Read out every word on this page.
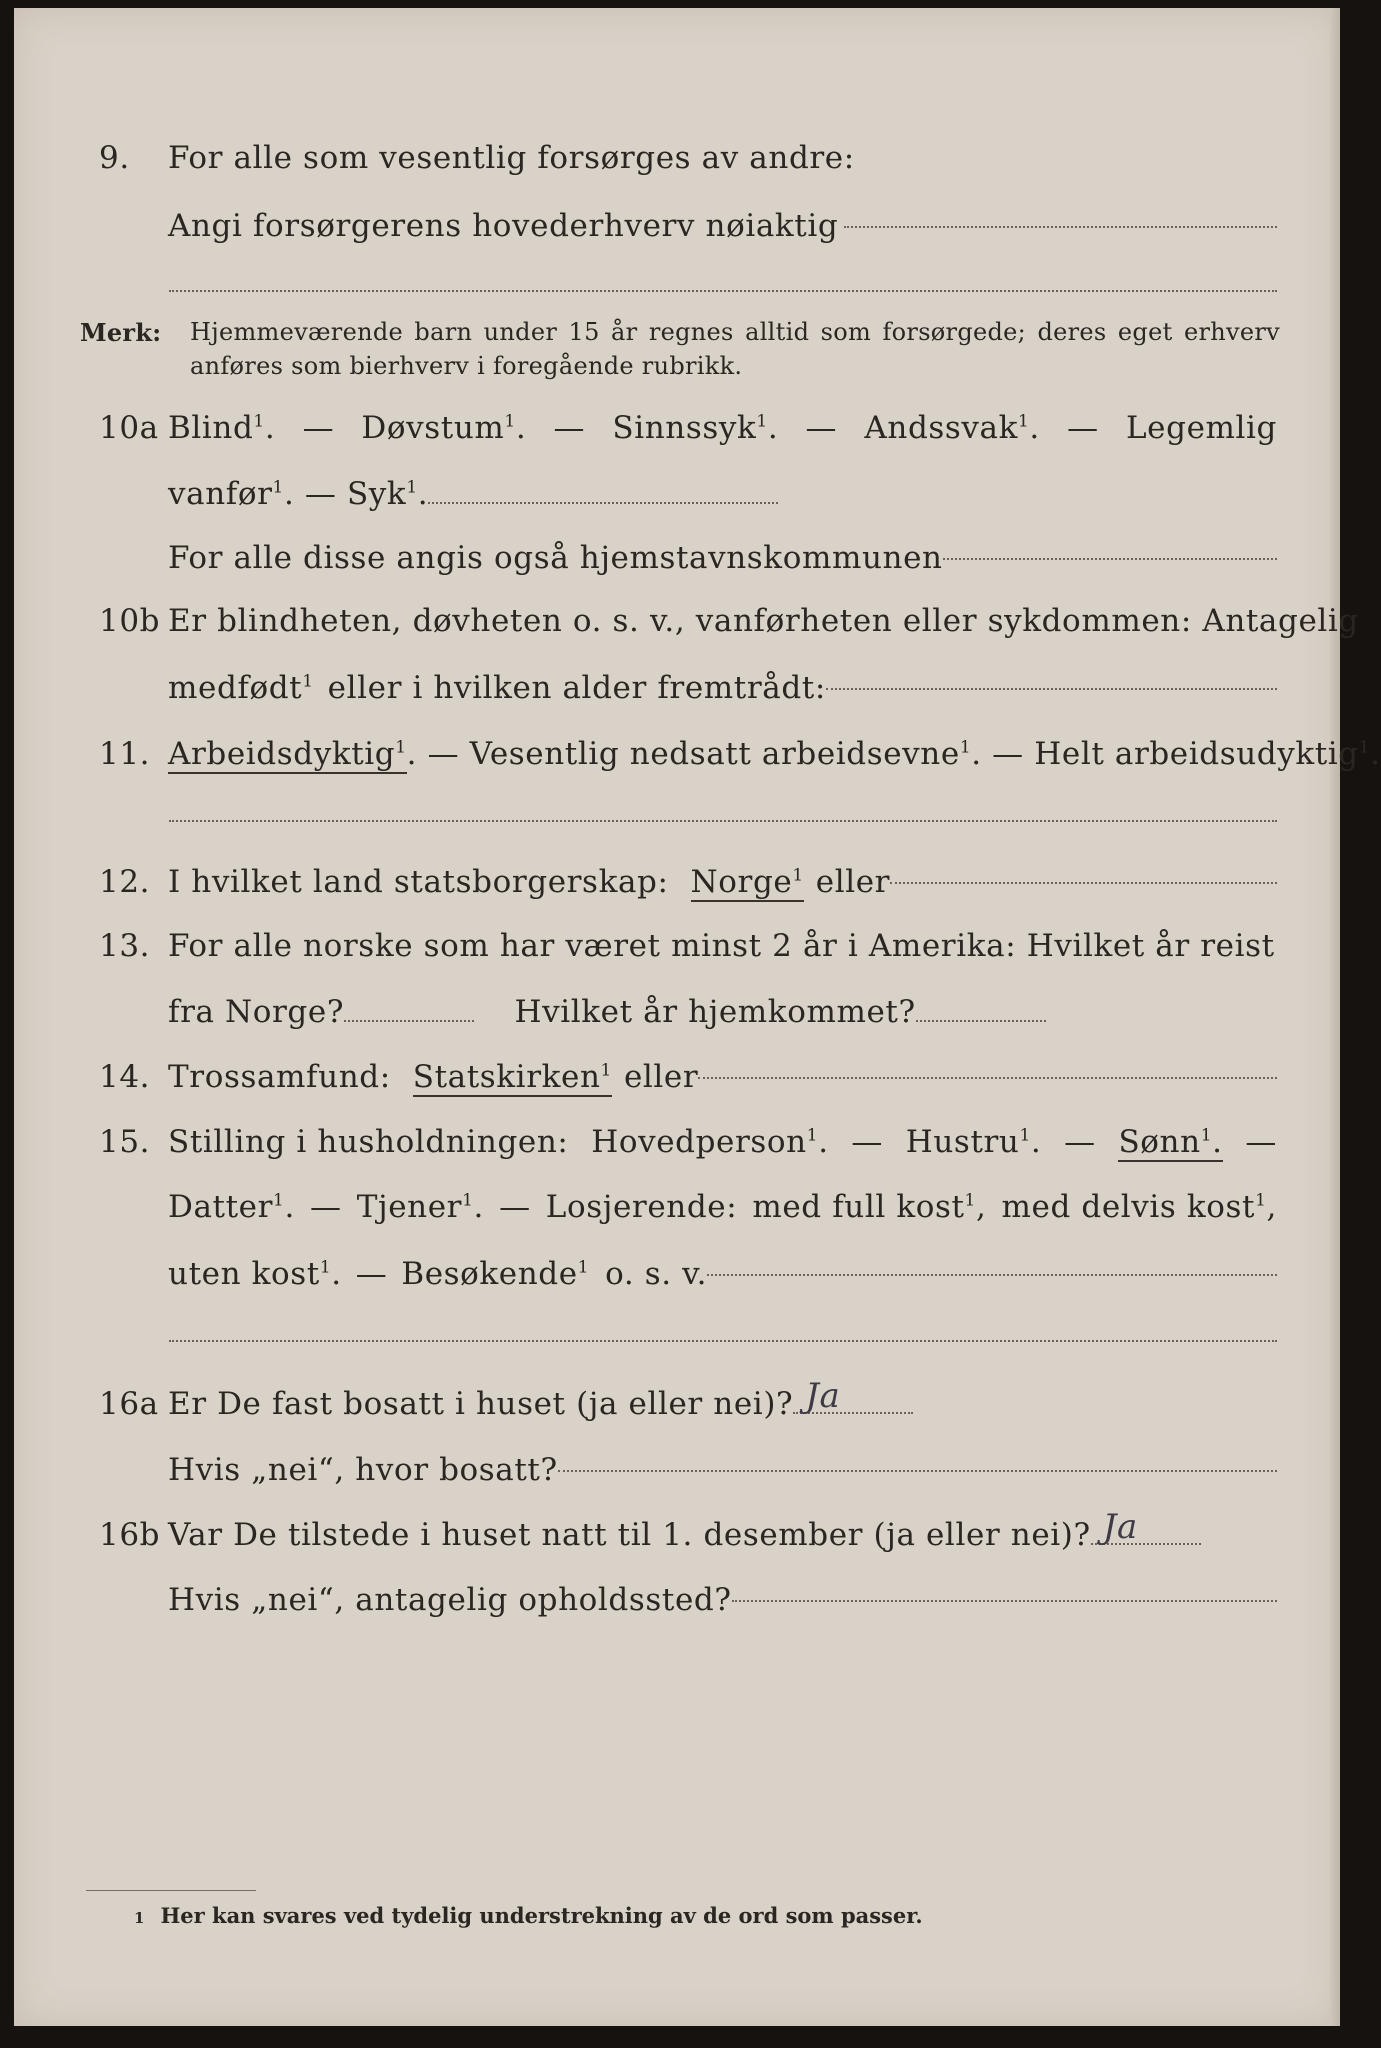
9. For alle som vesentlig forsørges av andre:
Angi forsørgerens hovederhverv nøiaktig
Merk: Hjemmeværende barn under 15 år regnes alltid som forsørgede; deres eget erhverv anføres som bierhverv i foregående rubrikk.
10a Blind$^1$. — Døvstum$^1$. — Sinnssyk$^1$. — Andssvak$^1$. — Legemlig
vanfør$^1$. — Syk$^1$.
For alle disse angis også hjemstavnskommunen
10b Er blindheten, døvheten o. s. v., vanførheten eller sykdommen: Antagelig
medfødt$^1$ eller i hvilken alder fremtrådt:
11. Arbeidsdyktig$^1$. — Vesentlig nedsatt arbeidsevne$^1$. — Helt arbeidsudyktig$^1$.
12. I hvilket land statsborgerskap: Norge$^1$ eller
13. For alle norske som har været minst 2 år i Amerika: Hvilket år reist
fra Norge?	Hvilket år hjemkommet?
14. Trossamfund: Statskirken$^1$ eller
15. Stilling i husholdningen: Hovedperson$^1$. — Hustru$^1$. — Sønn$^1$. —
Datter$^1$. — Tjener$^1$. — Losjerende: med full kost$^1$, med delvis kost$^1$,
uten kost$^1$. — Besøkende$^1$ o. s. v.
16a Er De fast bosatt i huset (ja eller nei)? Ja
Hvis „nei“, hvor bosatt?
16b Var De tilstede i huset natt til 1. desember (ja eller nei)? Ja
Hvis „nei“, antagelig opholdssted?
1 Her kan svares ved tydelig understrekning av de ord som passer.
